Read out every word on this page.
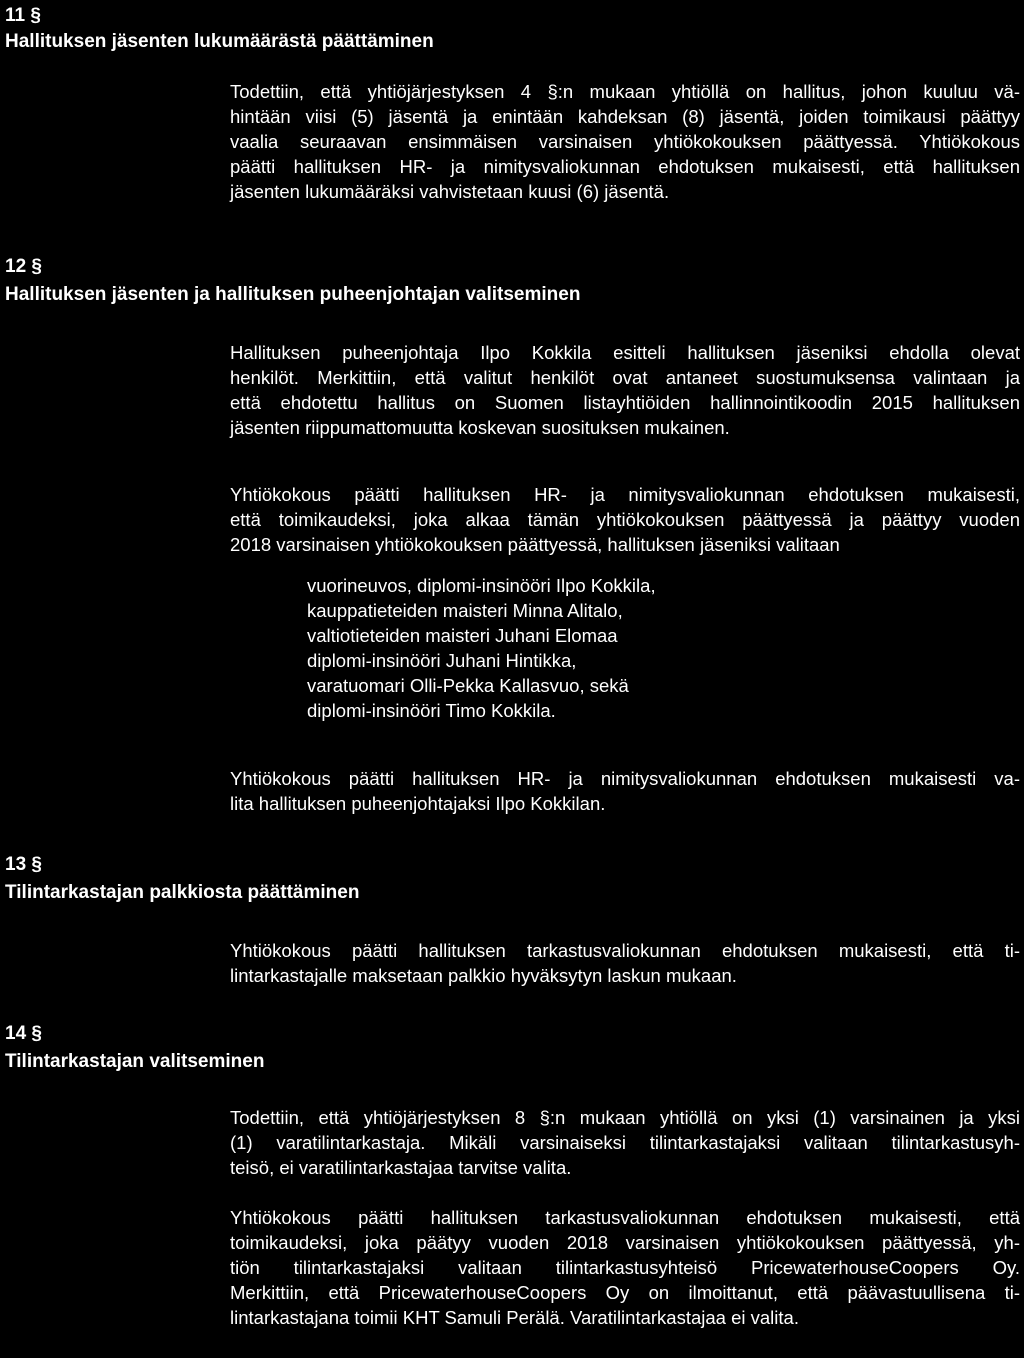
11 §
Hallituksen jäsenten lukumäärästä päättäminen
Todettiin, että yhtiöjärjestyksen 4 §:n mukaan yhtiöllä on hallitus, johon kuuluu vä-
hintään viisi (5) jäsentä ja enintään kahdeksan (8) jäsentä, joiden toimikausi päättyy
vaalia seuraavan ensimmäisen varsinaisen yhtiökokouksen päättyessä. Yhtiökokous
päätti hallituksen HR- ja nimitysvaliokunnan ehdotuksen mukaisesti, että hallituksen
jäsenten lukumääräksi vahvistetaan kuusi (6) jäsentä.
12 §
Hallituksen jäsenten ja hallituksen puheenjohtajan valitseminen
Hallituksen puheenjohtaja Ilpo Kokkila esitteli hallituksen jäseniksi ehdolla olevat
henkilöt. Merkittiin, että valitut henkilöt ovat antaneet suostumuksensa valintaan ja
että ehdotettu hallitus on Suomen listayhtiöiden hallinnointikoodin 2015 hallituksen
jäsenten riippumattomuutta koskevan suosituksen mukainen.
Yhtiökokous päätti hallituksen HR- ja nimitysvaliokunnan ehdotuksen mukaisesti,
että toimikaudeksi, joka alkaa tämän yhtiökokouksen päättyessä ja päättyy vuoden
2018 varsinaisen yhtiökokouksen päättyessä, hallituksen jäseniksi valitaan
vuorineuvos, diplomi-insinööri Ilpo Kokkila,
kauppatieteiden maisteri Minna Alitalo,
valtiotieteiden maisteri Juhani Elomaa
diplomi-insinööri Juhani Hintikka,
varatuomari Olli-Pekka Kallasvuo, sekä
diplomi-insinööri Timo Kokkila.
Yhtiökokous päätti hallituksen HR- ja nimitysvaliokunnan ehdotuksen mukaisesti va-
lita hallituksen puheenjohtajaksi Ilpo Kokkilan.
13 §
Tilintarkastajan palkkiosta päättäminen
Yhtiökokous päätti hallituksen tarkastusvaliokunnan ehdotuksen mukaisesti, että ti-
lintarkastajalle maksetaan palkkio hyväksytyn laskun mukaan.
14 §
Tilintarkastajan valitseminen
Todettiin, että yhtiöjärjestyksen 8 §:n mukaan yhtiöllä on yksi (1) varsinainen ja yksi
(1) varatilintarkastaja. Mikäli varsinaiseksi tilintarkastajaksi valitaan tilintarkastusyh-
teisö, ei varatilintarkastajaa tarvitse valita.
Yhtiökokous päätti hallituksen tarkastusvaliokunnan ehdotuksen mukaisesti, että
toimikaudeksi, joka päätyy vuoden 2018 varsinaisen yhtiökokouksen päättyessä, yh-
tiön tilintarkastajaksi valitaan tilintarkastusyhteisö PricewaterhouseCoopers Oy.
Merkittiin, että PricewaterhouseCoopers Oy on ilmoittanut, että päävastuullisena ti-
lintarkastajana toimii KHT Samuli Perälä. Varatilintarkastajaa ei valita.
